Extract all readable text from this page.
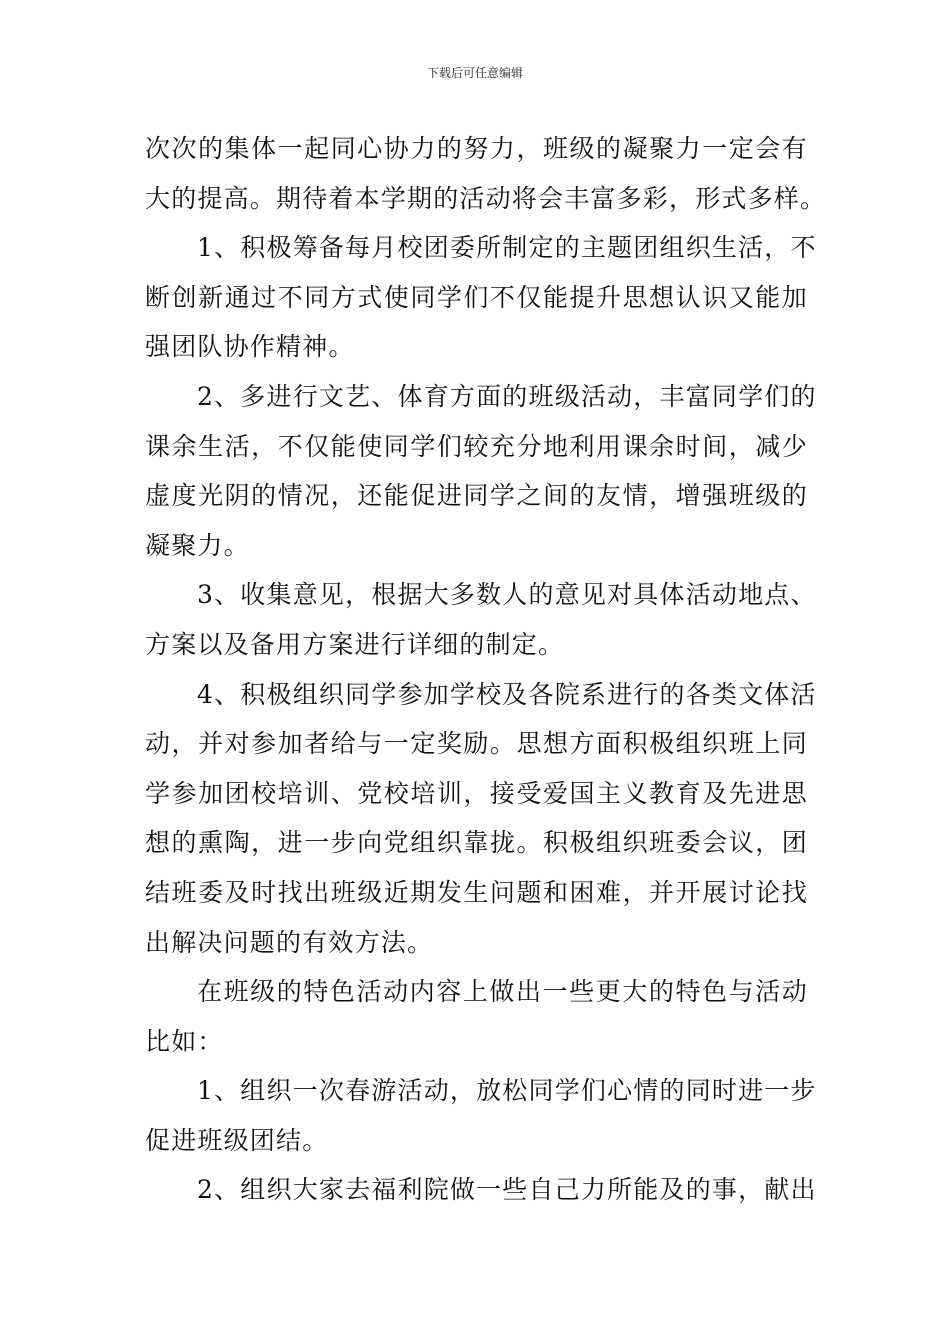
下载后可任意编辑
次次的集体一起同心协力的努力，班级的凝聚力一定会有
大的提高。期待着本学期的活动将会丰富多彩，形式多样。
1、积极筹备每月校团委所制定的主题团组织生活，不
断创新通过不同方式使同学们不仅能提升思想认识又能加
强团队协作精神。
2、多进行文艺、体育方面的班级活动，丰富同学们的
课余生活，不仅能使同学们较充分地利用课余时间，减少
虚度光阴的情况，还能促进同学之间的友情，增强班级的
凝聚力。
3、收集意见，根据大多数人的意见对具体活动地点、
方案以及备用方案进行详细的制定。
4、积极组织同学参加学校及各院系进行的各类文体活
动，并对参加者给与一定奖励。思想方面积极组织班上同
学参加团校培训、党校培训，接受爱国主义教育及先进思
想的熏陶，进一步向党组织靠拢。积极组织班委会议，团
结班委及时找出班级近期发生问题和困难，并开展讨论找
出解决问题的有效方法。
在班级的特色活动内容上做出一些更大的特色与活动
比如：
1、组织一次春游活动，放松同学们心情的同时进一步
促进班级团结。
2、组织大家去福利院做一些自己力所能及的事，献出
